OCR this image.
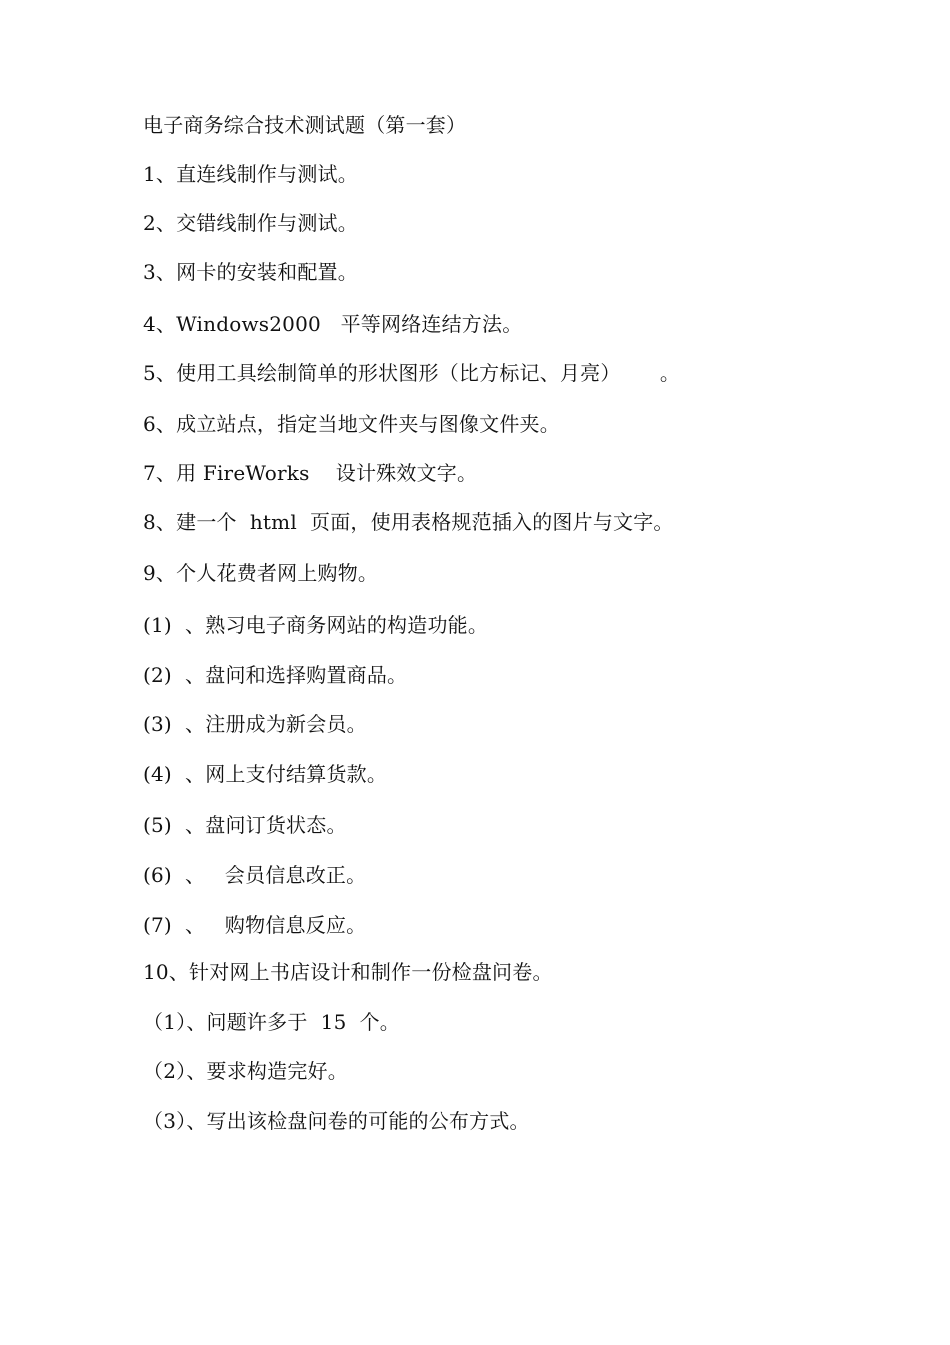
电子商务综合技术测试题（第一套）
1、直连线制作与测试。
2、交错线制作与测试。
3、网卡的安装和配置。
4、Windows2000   平等网络连结方法。
5、使用工具绘制简单的形状图形（比方标记、月亮）      。
6、成立站点，指定当地文件夹与图像文件夹。
7、用 FireWorks    设计殊效文字。
8、建一个  html  页面，使用表格规范插入的图片与文字。
9、个人花费者网上购物。
(1)  、熟习电子商务网站的构造功能。
(2)  、盘问和选择购置商品。
(3)  、注册成为新会员。
(4)  、网上支付结算货款。
(5)  、盘问订货状态。
(6)  、   会员信息改正。
(7)  、   购物信息反应。
10、针对网上书店设计和制作一份检盘问卷。
（1）、问题许多于  15  个。
（2）、要求构造完好。
（3）、写出该检盘问卷的可能的公布方式。
